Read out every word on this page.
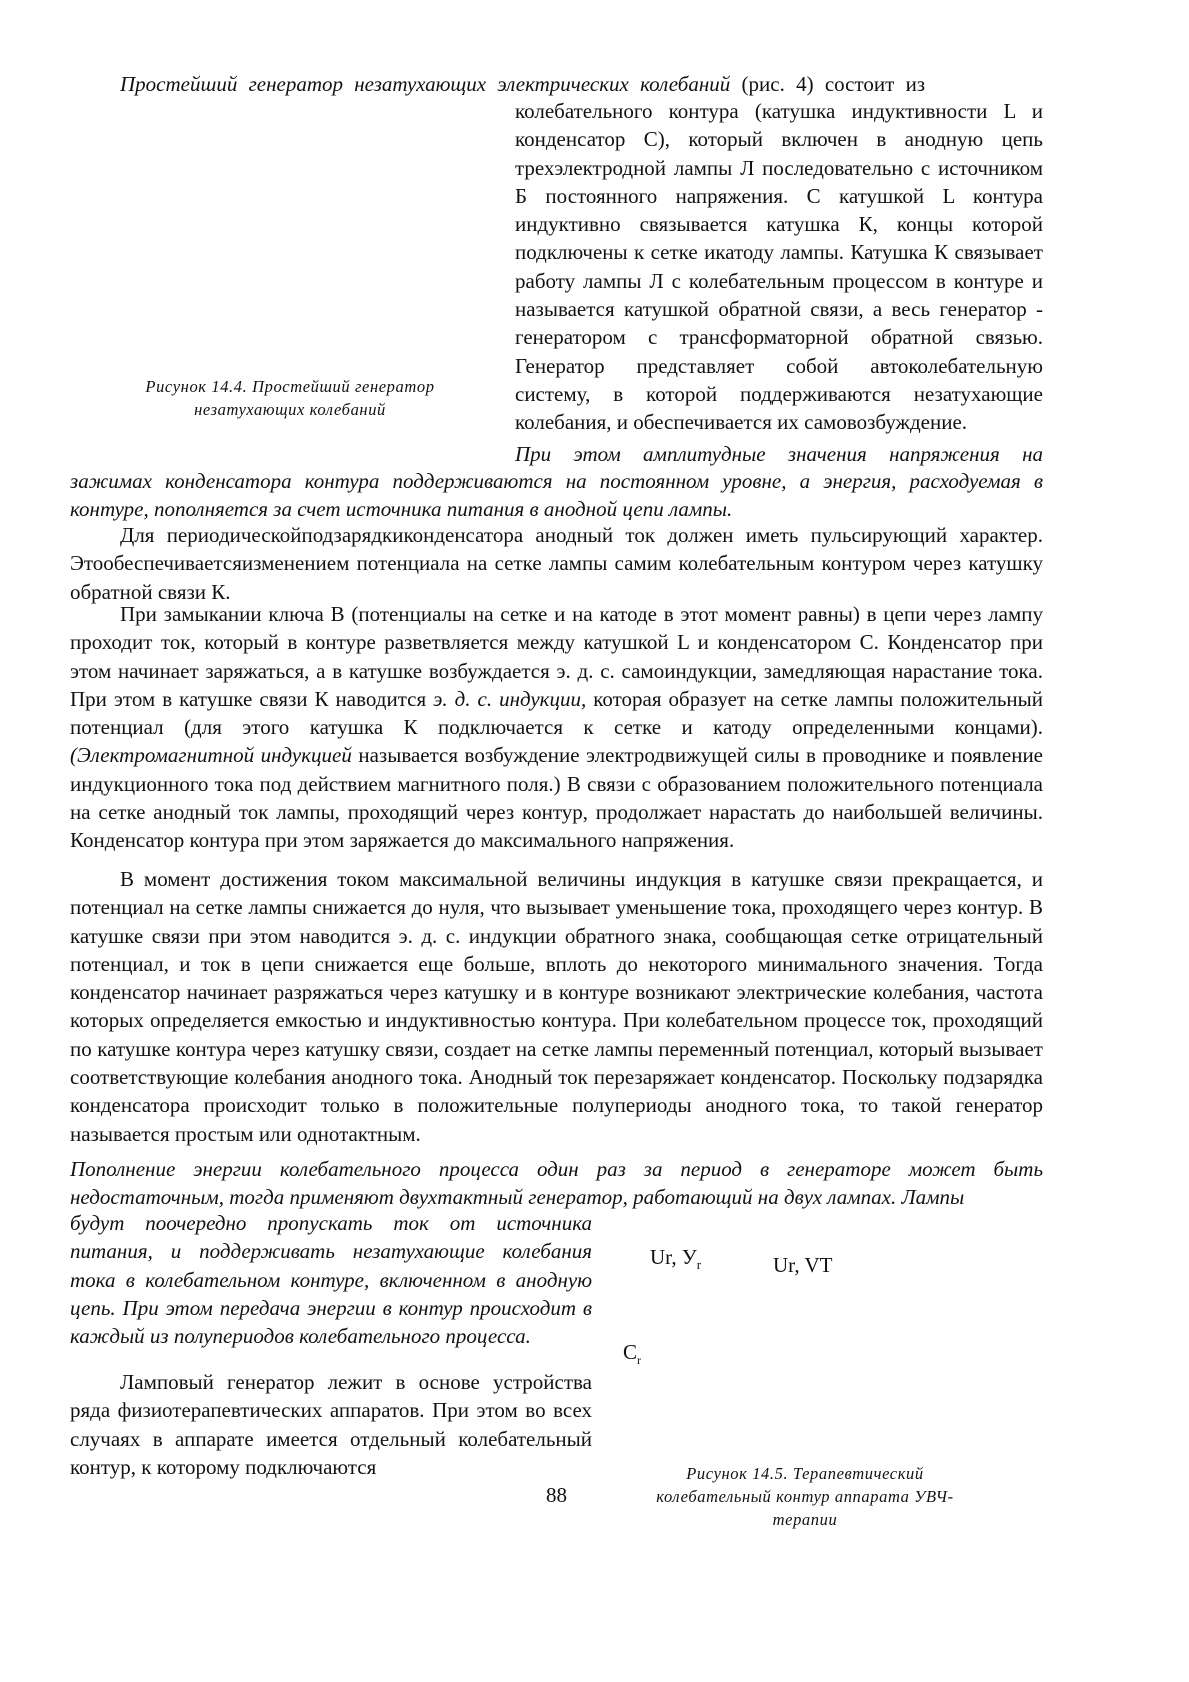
Простейший генератор незатухающих электрических колебаний (рис. 4) состоит из
колебательного контура (катушка индуктивности L и конденсатор С), который включен в анодную цепь трехэлектродной лампы Л последовательно с источником Б постоянного напряжения. С катушкой L контура индуктивно связывается катушка К, концы которой подключены к сетке икатоду лампы. Катушка К связывает работу лампы Л с колебательным процессом в контуре и называется катушкой обратной связи, а весь генератор - генератором с трансформаторной обратной связью. Генератор представляет собой автоколебательную систему, в которой поддерживаются незатухающие колебания, и обеспечивается их самовозбуждение.
Рисунок 14.4. Простейший генератор незатухающих колебаний
При этом амплитудные значения напряжения на
зажимах конденсатора контура поддерживаются на постоянном уровне, а энергия, расходуемая в контуре, пополняется за счет источника питания в анодной цепи лампы.
Для периодическойподзарядкиконденсатора анодный ток должен иметь пульсирующий характер. Этообеспечиваетсяизменением потенциала на сетке лампы самим колебательным контуром через катушку обратной связи К.
При замыкании ключа В (потенциалы на сетке и на катоде в этот момент равны) в цепи через лампу проходит ток, который в контуре разветвляется между катушкой L и конденсатором С. Конденсатор при этом начинает заряжаться, а в катушке возбуждается э. д. с. самоиндукции, замедляющая нарастание тока. При этом в катушке связи К наводится э. д. с. индукции, которая образует на сетке лампы положительный потенциал (для этого катушка К подключается к сетке и катоду определенными концами). (Электромагнитной индукцией называется возбуждение электродвижущей силы в проводнике и появление индукционного тока под действием магнитного поля.) В связи с образованием положительного потенциала на сетке анодный ток лампы, проходящий через контур, продолжает нарастать до наибольшей величины. Конденсатор контура при этом заряжается до максимального напряжения.
В момент достижения током максимальной величины индукция в катушке связи прекращается, и потенциал на сетке лампы снижается до нуля, что вызывает уменьшение тока, проходящего через контур. В катушке связи при этом наводится э. д. с. индукции обратного знака, сообщающая сетке отрицательный потенциал, и ток в цепи снижается еще больше, вплоть до некоторого минимального значения. Тогда конденсатор начинает разряжаться через катушку и в контуре возникают электрические колебания, частота которых определяется емкостью и индуктивностью контура. При колебательном процессе ток, проходящий по катушке контура через катушку связи, создает на сетке лампы переменный потенциал, который вызывает соответствующие колебания анодного тока. Анодный ток перезаряжает конденсатор. Поскольку подзарядка конденсатора происходит только в положительные полупериоды анодного тока, то такой генератор называется простым или однотактным.
Пополнение энергии колебательного процесса один раз за период в генераторе может быть недостаточным, тогда применяют двухтактный генератор, работающий на двух лампах. Лампы
будут поочередно пропускать ток от источника питания, и поддерживать незатухающие колебания тока в колебательном контуре, включенном в анодную цепь. При этом передача энергии в контур происходит в каждый из полупериодов колебательного процесса.
Ламповый генератор лежит в основе устройства ряда физиотерапевтических аппаратов. При этом во всех случаях в аппарате имеется отдельный колебательный контур, к которому подключаются
Ur, $У_r$	Ur, VT
$C_r$
88
Рисунок 14.5. Терапевтический колебательный контур аппарата УВЧ-терапии
